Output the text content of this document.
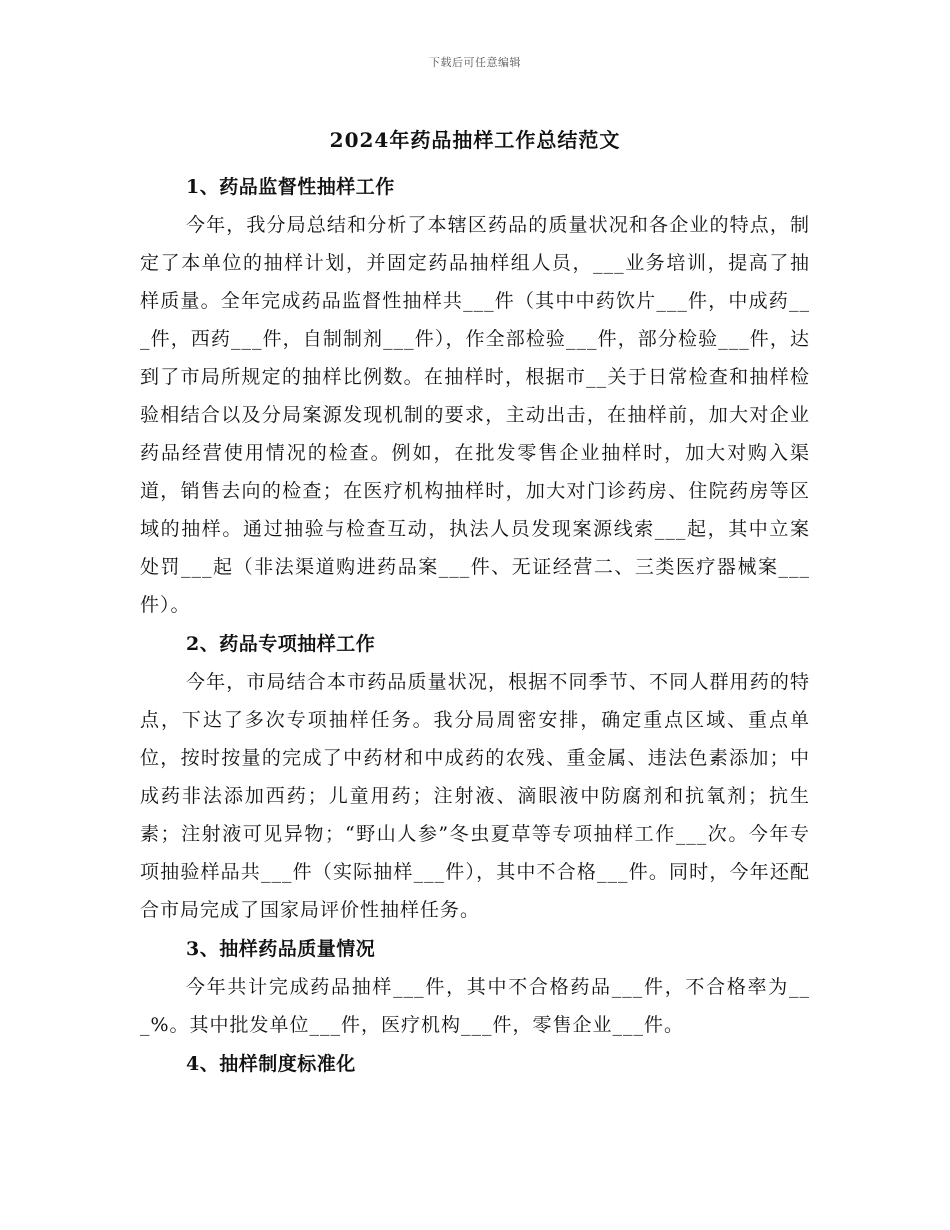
下载后可任意编辑
2024年药品抽样工作总结范文

1、药品监督性抽样工作

今年，我分局总结和分析了本辖区药品的质量状况和各企业的特点，制定了本单位的抽样计划，并固定药品抽样组人员，___业务培训，提高了抽样质量。全年完成药品监督性抽样共___件（其中中药饮片___件，中成药___件，西药___件，自制制剂___件），作全部检验___件，部分检验___件，达到了市局所规定的抽样比例数。在抽样时，根据市__关于日常检查和抽样检验相结合以及分局案源发现机制的要求，主动出击，在抽样前，加大对企业药品经营使用情况的检查。例如，在批发零售企业抽样时，加大对购入渠道，销售去向的检查；在医疗机构抽样时，加大对门诊药房、住院药房等区域的抽样。通过抽验与检查互动，执法人员发现案源线索___起，其中立案处罚___起（非法渠道购进药品案___件、无证经营二、三类医疗器械案___件）。

2、药品专项抽样工作

今年，市局结合本市药品质量状况，根据不同季节、不同人群用药的特点，下达了多次专项抽样任务。我分局周密安排，确定重点区域、重点单位，按时按量的完成了中药材和中成药的农残、重金属、违法色素添加；中成药非法添加西药；儿童用药；注射液、滴眼液中防腐剂和抗氧剂；抗生素；注射液可见异物；“野山人参”冬虫夏草等专项抽样工作___次。今年专项抽验样品共___件（实际抽样___件），其中不合格___件。同时，今年还配合市局完成了国家局评价性抽样任务。

3、抽样药品质量情况

今年共计完成药品抽样___件，其中不合格药品___件，不合格率为___%。其中批发单位___件，医疗机构___件，零售企业___件。

4、抽样制度标准化
